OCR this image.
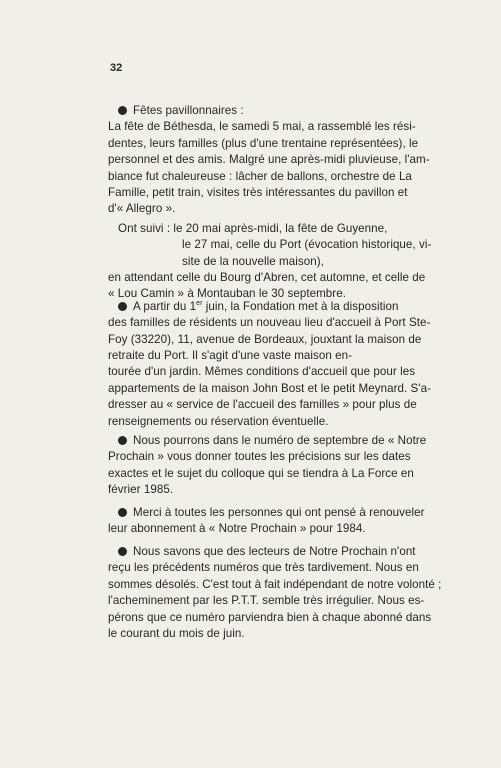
32
Fêtes pavillonnaires :
La fête de Béthesda, le samedi 5 mai, a rassemblé les rési-
dentes, leurs familles (plus d'une trentaine représentées), le
personnel et des amis. Malgré une après-midi pluvieuse, l'am-
biance fut chaleureuse : lâcher de ballons, orchestre de La
Famille, petit train, visites très intéressantes du pavillon et
d'« Allegro ».
Ont suivi : le 20 mai après-midi, la fête de Guyenne,
le 27 mai, celle du Port (évocation historique, vi-
site de la nouvelle maison),
en attendant celle du Bourg d'Abren, cet automne, et celle de
« Lou Camin » à Montauban le 30 septembre.
A partir du 1er juin, la Fondation met à la disposition
des familles de résidents un nouveau lieu d'accueil à Port Ste-
Foy (33220), 11, avenue de Bordeaux, jouxtant la maison de
retraite du Port. Il s'agit d'une vaste maison en-
tourée d'un jardin. Mêmes conditions d'accueil que pour les
appartements de la maison John Bost et le petit Meynard. S'a-
dresser au « service de l'accueil des familles » pour plus de
renseignements ou réservation éventuelle.
Nous pourrons dans le numéro de septembre de « Notre
Prochain » vous donner toutes les précisions sur les dates
exactes et le sujet du colloque qui se tiendra à La Force en
février 1985.
Merci à toutes les personnes qui ont pensé à renouveler
leur abonnement à « Notre Prochain » pour 1984.
Nous savons que des lecteurs de Notre Prochain n'ont
reçu les précédents numéros que très tardivement. Nous en
sommes désolés. C'est tout à fait indépendant de notre volonté ;
l'acheminement par les P.T.T. semble très irrégulier. Nous es-
pérons que ce numéro parviendra bien à chaque abonné dans
le courant du mois de juin.
